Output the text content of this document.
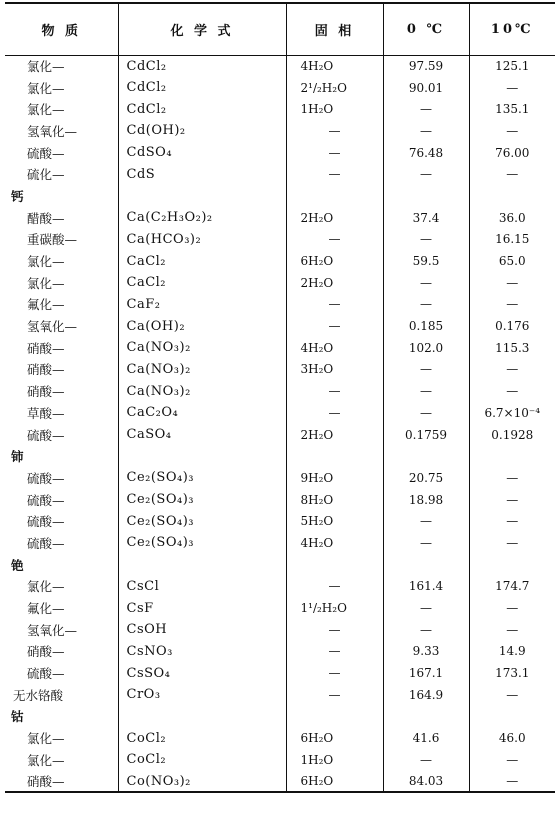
物 质	化 学 式	固 相	0 ℃	10℃
氯化—	CdCl₂	4H₂O	97.59	125.1
氯化—	CdCl₂	2¹/₂H₂O	90.01	—
氯化—	CdCl₂	1H₂O	—	135.1
氢氧化—	Cd(OH)₂	—	—	—
硫酸—	CdSO₄	—	76.48	76.00
硫化—	CdS	—	—	—
钙				
醋酸—	Ca(C₂H₃O₂)₂	2H₂O	37.4	36.0
重碳酸—	Ca(HCO₃)₂	—	—	16.15
氯化—	CaCl₂	6H₂O	59.5	65.0
氯化—	CaCl₂	2H₂O	—	—
氟化—	CaF₂	—	—	—
氢氧化—	Ca(OH)₂	—	0.185	0.176
硝酸—	Ca(NO₃)₂	4H₂O	102.0	115.3
硝酸—	Ca(NO₃)₂	3H₂O	—	—
硝酸—	Ca(NO₃)₂	—	—	—
草酸—	CaC₂O₄	—	—	6.7×10⁻⁴
硫酸—	CaSO₄	2H₂O	0.1759	0.1928
铈				
硫酸—	Ce₂(SO₄)₃	9H₂O	20.75	—
硫酸—	Ce₂(SO₄)₃	8H₂O	18.98	—
硫酸—	Ce₂(SO₄)₃	5H₂O	—	—
硫酸—	Ce₂(SO₄)₃	4H₂O	—	—
铯				
氯化—	CsCl	—	161.4	174.7
氟化—	CsF	1¹/₂H₂O	—	—
氢氧化—	CsOH	—	—	—
硝酸—	CsNO₃	—	9.33	14.9
硫酸—	CsSO₄	—	167.1	173.1
无水铬酸	CrO₃	—	164.9	—
钴				
氯化—	CoCl₂	6H₂O	41.6	46.0
氯化—	CoCl₂	1H₂O	—	—
硝酸—	Co(NO₃)₂	6H₂O	84.03	—
